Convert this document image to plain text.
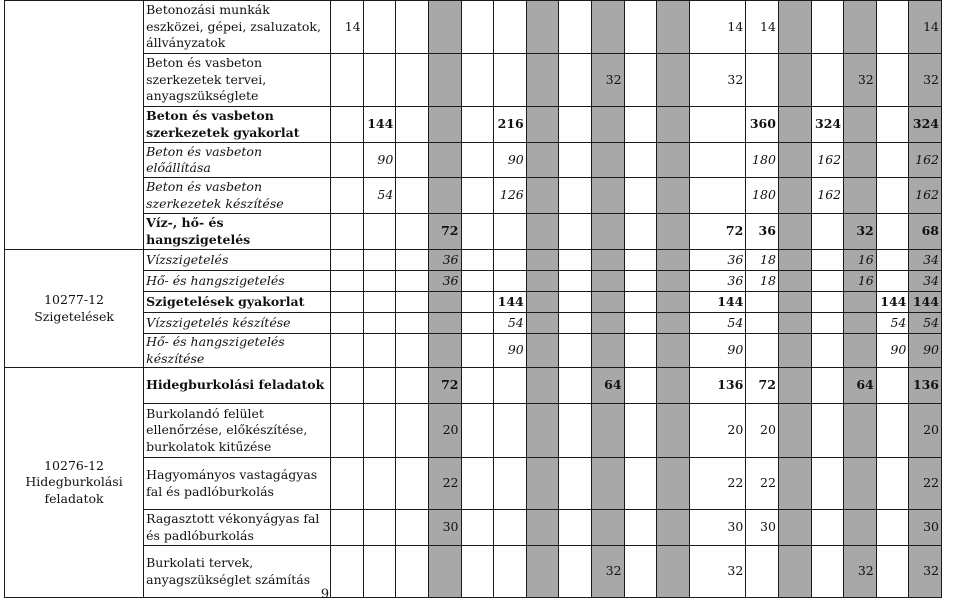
	Betonozási munkák eszközei, gépei, zsaluzatok, állványzatok	14											14	14					14
	Beton és vasbeton szerkezetek tervei, anyagszükséglete									32			32				32		32
	Beton és vasbeton szerkezetek gyakorlat		144				216							360		324			324
	Beton és vasbeton előállítása		90				90							180		162			162
	Beton és vasbeton szerkezetek készítése		54				126							180		162			162
	Víz-, hő- és hangszigetelés				72								72	36			32		68

10277-12
Szigetelések	Vízszigetelés				36								36	18			16		34
	Hő- és hangszigetelés				36								36	18			16		34
	Szigetelések gyakorlat						144						144					144	144
	Vízszigetelés készítése						54						54					54	54
	Hő- és hangszigetelés készítése						90						90					90	90

10276-12
Hidegburkolási feladatok	Hidegburkolási feladatok				72					64			136	72			64		136
	Burkolandó felület ellenőrzése, előkészítése, burkolatok kitűzése				20								20	20					20
	Hagyományos vastagágyas fal és padlóburkolás				22								22	22					22
	Ragasztott vékonyágyas fal és padlóburkolás				30								30	30					30
	Burkolati tervek, anyagszükséglet számítás									32			32				32		32
9
